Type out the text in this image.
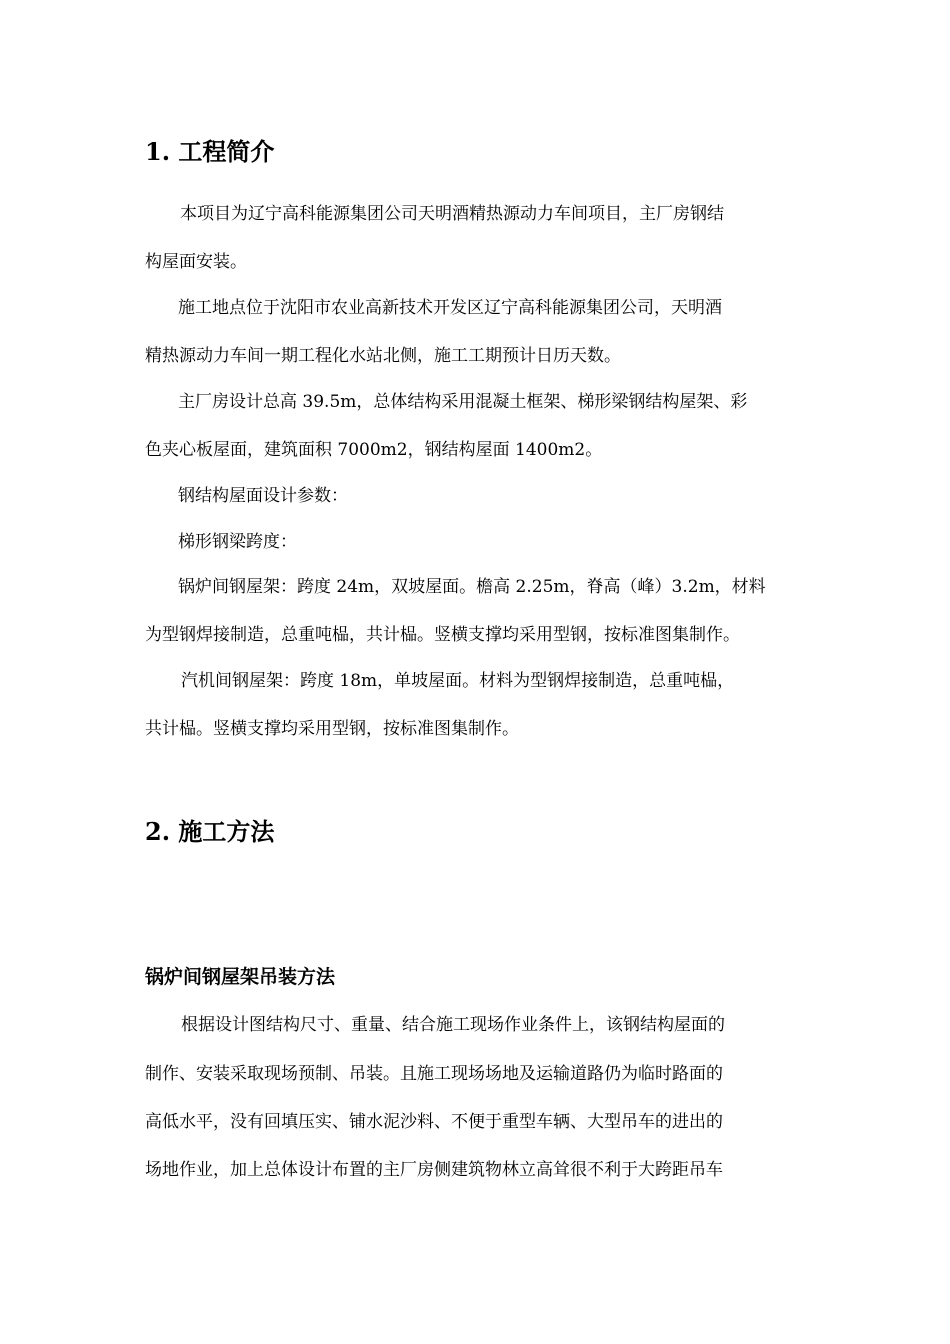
1. 工程简介
本项目为辽宁高科能源集团公司天明酒精热源动力车间项目，主厂房钢结
构屋面安装。
施工地点位于沈阳市农业高新技术开发区辽宁高科能源集团公司，天明酒
精热源动力车间一期工程化水站北侧，施工工期预计日历天数。
主厂房设计总高 39.5m，总体结构采用混凝土框架、梯形梁钢结构屋架、彩
色夹心板屋面，建筑面积 7000m2，钢结构屋面 1400m2。
钢结构屋面设计参数：
梯形钢梁跨度：
锅炉间钢屋架：跨度 24m，双坡屋面。檐高 2.25m，脊高（峰）3.2m，材料
为型钢焊接制造，总重吨榀，共计榀。竖横支撑均采用型钢，按标准图集制作。
汽机间钢屋架：跨度 18m，单坡屋面。材料为型钢焊接制造，总重吨榀，
共计榀。竖横支撑均采用型钢，按标准图集制作。
2. 施工方法
锅炉间钢屋架吊装方法
根据设计图结构尺寸、重量、结合施工现场作业条件上，该钢结构屋面的
制作、安装采取现场预制、吊装。且施工现场场地及运输道路仍为临时路面的
高低水平，没有回填压实、铺水泥沙料、不便于重型车辆、大型吊车的进出的
场地作业，加上总体设计布置的主厂房侧建筑物林立高耸很不利于大跨距吊车
